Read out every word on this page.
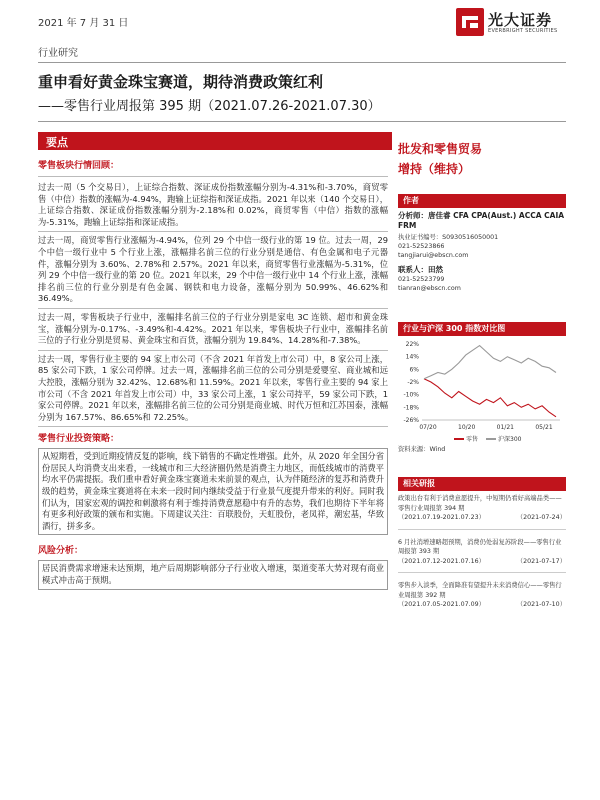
2021 年 7 月 31 日	光大证券
EVERBRIGHT SECURITIES
行业研究
重申看好黄金珠宝赛道，期待消费政策红利
——零售行业周报第 395 期（2021.07.26-2021.07.30）
要点
零售板块行情回顾：

过去一周（5 个交易日），上证综合指数、深证成份指数涨幅分别为-4.31%和-3.70%，商贸零售（中信）指数的涨幅为-4.94%，跑输上证综指和深证成指。2021 年以来（140 个交易日），上证综合指数、深证成份指数涨幅分别为-2.18%和 0.02%，商贸零售（中信）指数的涨幅为-5.31%，跑输上证综指和深证成指。

过去一周，商贸零售行业涨幅为-4.94%，位列 29 个中信一级行业的第 19 位。过去一周，29 个中信一级行业中 5 个行业上涨，涨幅排名前三位的行业分别是通信、有色金属和电子元器件，涨幅分别为 3.60%、2.78%和 2.57%。2021 年以来，商贸零售行业涨幅为-5.31%，位列 29 个中信一级行业的第 20 位。2021 年以来，29 个中信一级行业中 14 个行业上涨，涨幅排名前三位的行业分别是有色金属、钢铁和电力设备，涨幅分别为 50.99%、46.62%和 36.49%。

过去一周，零售板块子行业中，涨幅排名前三位的子行业分别是家电 3C 连锁、超市和黄金珠宝，涨幅分别为-0.17%、-3.49%和-4.42%。2021 年以来，零售板块子行业中，涨幅排名前三位的子行业分别是贸易、黄金珠宝和百货，涨幅分别为 19.84%、14.28%和-7.38%。

过去一周，零售行业主要的 94 家上市公司（不含 2021 年首发上市公司）中，8 家公司上涨，85 家公司下跌，1 家公司停牌。过去一周，涨幅排名前三位的公司分别是爱婴室、商业城和远大控股，涨幅分别为 32.42%、12.68%和 11.59%。2021 年以来，零售行业主要的 94 家上市公司（不含 2021 年首发上市公司）中，33 家公司上涨，1 家公司持平，59 家公司下跌，1 家公司停牌。2021 年以来，涨幅排名前三位的公司分别是商业城、时代万恒和江苏国泰，涨幅分别为 167.57%、86.65%和 72.25%。

零售行业投资策略：

从短期看，受到近期疫情反复的影响，线下销售的不确定性增强。此外，从 2020 年全国分省份居民人均消费支出来看，一线城市和三大经济圈仍然是消费主力地区，而低线城市的消费平均水平仍需提振。我们重申看好黄金珠宝赛道未来前景的观点，认为伴随经济的复苏和消费升级的趋势，黄金珠宝赛道将在未来一段时间内继续受益于行业景气度提升带来的利好。同时我们认为，国家宏观的调控和刺激将有利于维持消费意愿稳中有升的态势，我们也期待下半年将有更多利好政策的颁布和实施。下周建议关注：百联股份，天虹股份，老凤祥，潮宏基，华致酒行，拼多多。

风险分析：

居民消费需求增速未达预期，地产后周期影响部分子行业收入增速，渠道变革大势对现有商业模式冲击高于预期。

批发和零售贸易
增持（维持）
作者
分析师：唐佳睿 CFA CPA(Aust.) ACCA CAIA FRM
执业证书编号：S0930516050001
021-52523866
tangjiarui@ebscn.com
联系人：田然
021-52523799
tianran@ebscn.com
行业与沪深 300 指数对比图
22%
14%
6%
-2%
-10%
-18%
-26%
07/20	10/20	01/21	05/21
零售	沪深300
资料来源：Wind
相关研报
政策出台有利于消费意愿提升，中短期仍看好高端品类——零售行业周报第 394 期
（2021.07.19-2021.07.23）	（2021-07-24）
6 月社消增速略超预期，消费仍处弱复苏阶段——零售行业周报第 393 期
（2021.07.12-2021.07.16）	（2021-07-17）
零售步入淡季，全面降准有望提升未来消费信心——零售行业周报第 392 期
（2021.07.05-2021.07.09）	（2021-07-10）
